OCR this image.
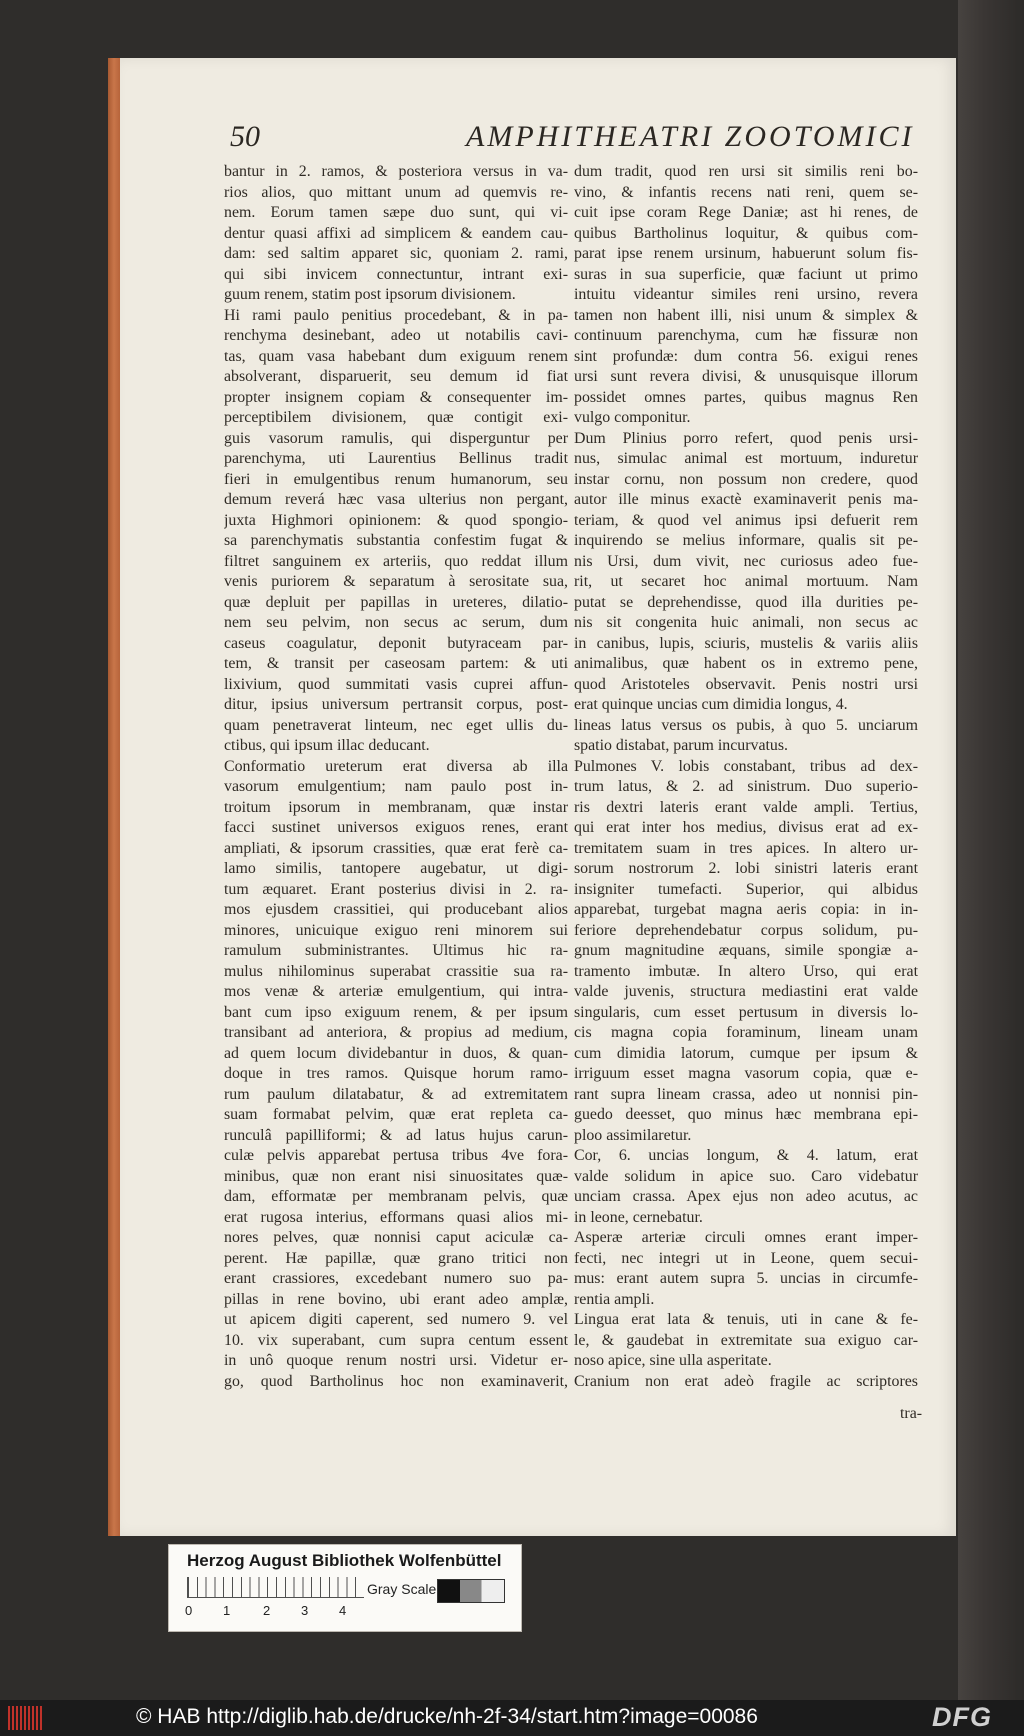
50	AMPHITHEATRI ZOOTOMICI
bantur in 2. ramos, & posteriora versus in va-
rios alios, quo mittant unum ad quemvis re-
nem. Eorum tamen sæpe duo sunt, qui vi-
dentur quasi affixi ad simplicem & eandem cau-
dam: sed saltim apparet sic, quoniam 2. rami,
qui sibi invicem connectuntur, intrant exi-
guum renem, statim post ipsorum divisionem.
Hi rami paulo penitius procedebant, & in pa-
renchyma desinebant, adeo ut notabilis cavi-
tas, quam vasa habebant dum exiguum renem
absolverant, disparuerit, seu demum id fiat
propter insignem copiam & consequenter im-
perceptibilem divisionem, quæ contigit exi-
guis vasorum ramulis, qui disperguntur per
parenchyma, uti Laurentius Bellinus tradit
fieri in emulgentibus renum humanorum, seu
demum reverá hæc vasa ulterius non pergant,
juxta Highmori opinionem: & quod spongio-
sa parenchymatis substantia confestim fugat &
filtret sanguinem ex arteriis, quo reddat illum
venis puriorem & separatum à serositate sua,
quæ depluit per papillas in ureteres, dilatio-
nem seu pelvim, non secus ac serum, dum
caseus coagulatur, deponit butyraceam par-
tem, & transit per caseosam partem: & uti
lixivium, quod summitati vasis cuprei affun-
ditur, ipsius universum pertransit corpus, post-
quam penetraverat linteum, nec eget ullis du-
ctibus, qui ipsum illac deducant.
Conformatio ureterum erat diversa ab illa
vasorum emulgentium; nam paulo post in-
troitum ipsorum in membranam, quæ instar
facci sustinet universos exiguos renes, erant
ampliati, & ipsorum crassities, quæ erat ferè ca-
lamo similis, tantopere augebatur, ut digi-
tum æquaret. Erant posterius divisi in 2. ra-
mos ejusdem crassitiei, qui producebant alios
minores, unicuique exiguo reni minorem sui
ramulum subministrantes. Ultimus hic ra-
mulus nihilominus superabat crassitie sua ra-
mos venæ & arteriæ emulgentium, qui intra-
bant cum ipso exiguum renem, & per ipsum
transibant ad anteriora, & propius ad medium,
ad quem locum dividebantur in duos, & quan-
doque in tres ramos. Quisque horum ramo-
rum paulum dilatabatur, & ad extremitatem
suam formabat pelvim, quæ erat repleta ca-
runculâ papilliformi; & ad latus hujus carun-
culæ pelvis apparebat pertusa tribus 4ve fora-
minibus, quæ non erant nisi sinuositates quæ-
dam, efformatæ per membranam pelvis, quæ
erat rugosa interius, efformans quasi alios mi-
nores pelves, quæ nonnisi caput aciculæ ca-
perent. Hæ papillæ, quæ grano tritici non
erant crassiores, excedebant numero suo pa-
pillas in rene bovino, ubi erant adeo amplæ,
ut apicem digiti caperent, sed numero 9. vel
10. vix superabant, cum supra centum essent
in unô quoque renum nostri ursi. Videtur er-
go, quod Bartholinus hoc non examinaverit,
dum tradit, quod ren ursi sit similis reni bo-
vino, & infantis recens nati reni, quem se-
cuit ipse coram Rege Daniæ; ast hi renes, de
quibus Bartholinus loquitur, & quibus com-
parat ipse renem ursinum, habuerunt solum fis-
suras in sua superficie, quæ faciunt ut primo
intuitu videantur similes reni ursino, revera
tamen non habent illi, nisi unum & simplex &
continuum parenchyma, cum hæ fissuræ non
sint profundæ: dum contra 56. exigui renes
ursi sunt revera divisi, & unusquisque illorum
possidet omnes partes, quibus magnus Ren
vulgo componitur.
Dum Plinius porro refert, quod penis ursi-
nus, simulac animal est mortuum, induretur
instar cornu, non possum non credere, quod
autor ille minus exactè examinaverit penis ma-
teriam, & quod vel animus ipsi defuerit rem
inquirendo se melius informare, qualis sit pe-
nis Ursi, dum vivit, nec curiosus adeo fue-
rit, ut secaret hoc animal mortuum. Nam
putat se deprehendisse, quod illa durities pe-
nis sit congenita huic animali, non secus ac
in canibus, lupis, sciuris, mustelis & variis aliis
animalibus, quæ habent os in extremo pene,
quod Aristoteles observavit. Penis nostri ursi
erat quinque uncias cum dimidia longus, 4.
lineas latus versus os pubis, à quo 5. unciarum
spatio distabat, parum incurvatus.
Pulmones V. lobis constabant, tribus ad dex-
trum latus, & 2. ad sinistrum. Duo superio-
ris dextri lateris erant valde ampli. Tertius,
qui erat inter hos medius, divisus erat ad ex-
tremitatem suam in tres apices. In altero ur-
sorum nostrorum 2. lobi sinistri lateris erant
insigniter tumefacti. Superior, qui albidus
apparebat, turgebat magna aeris copia: in in-
feriore deprehendebatur corpus solidum, pu-
gnum magnitudine æquans, simile spongiæ a-
tramento imbutæ. In altero Urso, qui erat
valde juvenis, structura mediastini erat valde
singularis, cum esset pertusum in diversis lo-
cis magna copia foraminum, lineam unam
cum dimidia latorum, cumque per ipsum &
irriguum esset magna vasorum copia, quæ e-
rant supra lineam crassa, adeo ut nonnisi pin-
guedo deesset, quo minus hæc membrana epi-
ploo assimilaretur.
Cor, 6. uncias longum, & 4. latum, erat
valde solidum in apice suo. Caro videbatur
unciam crassa. Apex ejus non adeo acutus, ac
in leone, cernebatur.
Asperæ arteriæ circuli omnes erant imper-
fecti, nec integri ut in Leone, quem secui-
mus: erant autem supra 5. uncias in circumfe-
rentia ampli.
Lingua erat lata & tenuis, uti in cane & fe-
le, & gaudebat in extremitate sua exiguo car-
noso apice, sine ulla asperitate.
Cranium non erat adeò fragile ac scriptores
tra-
Herzog August Bibliothek Wolfenbüttel
0 1	2 3 4
Gray Scale
© HAB http://diglib.hab.de/drucke/nh-2f-34/start.htm?image=00086	DFG
